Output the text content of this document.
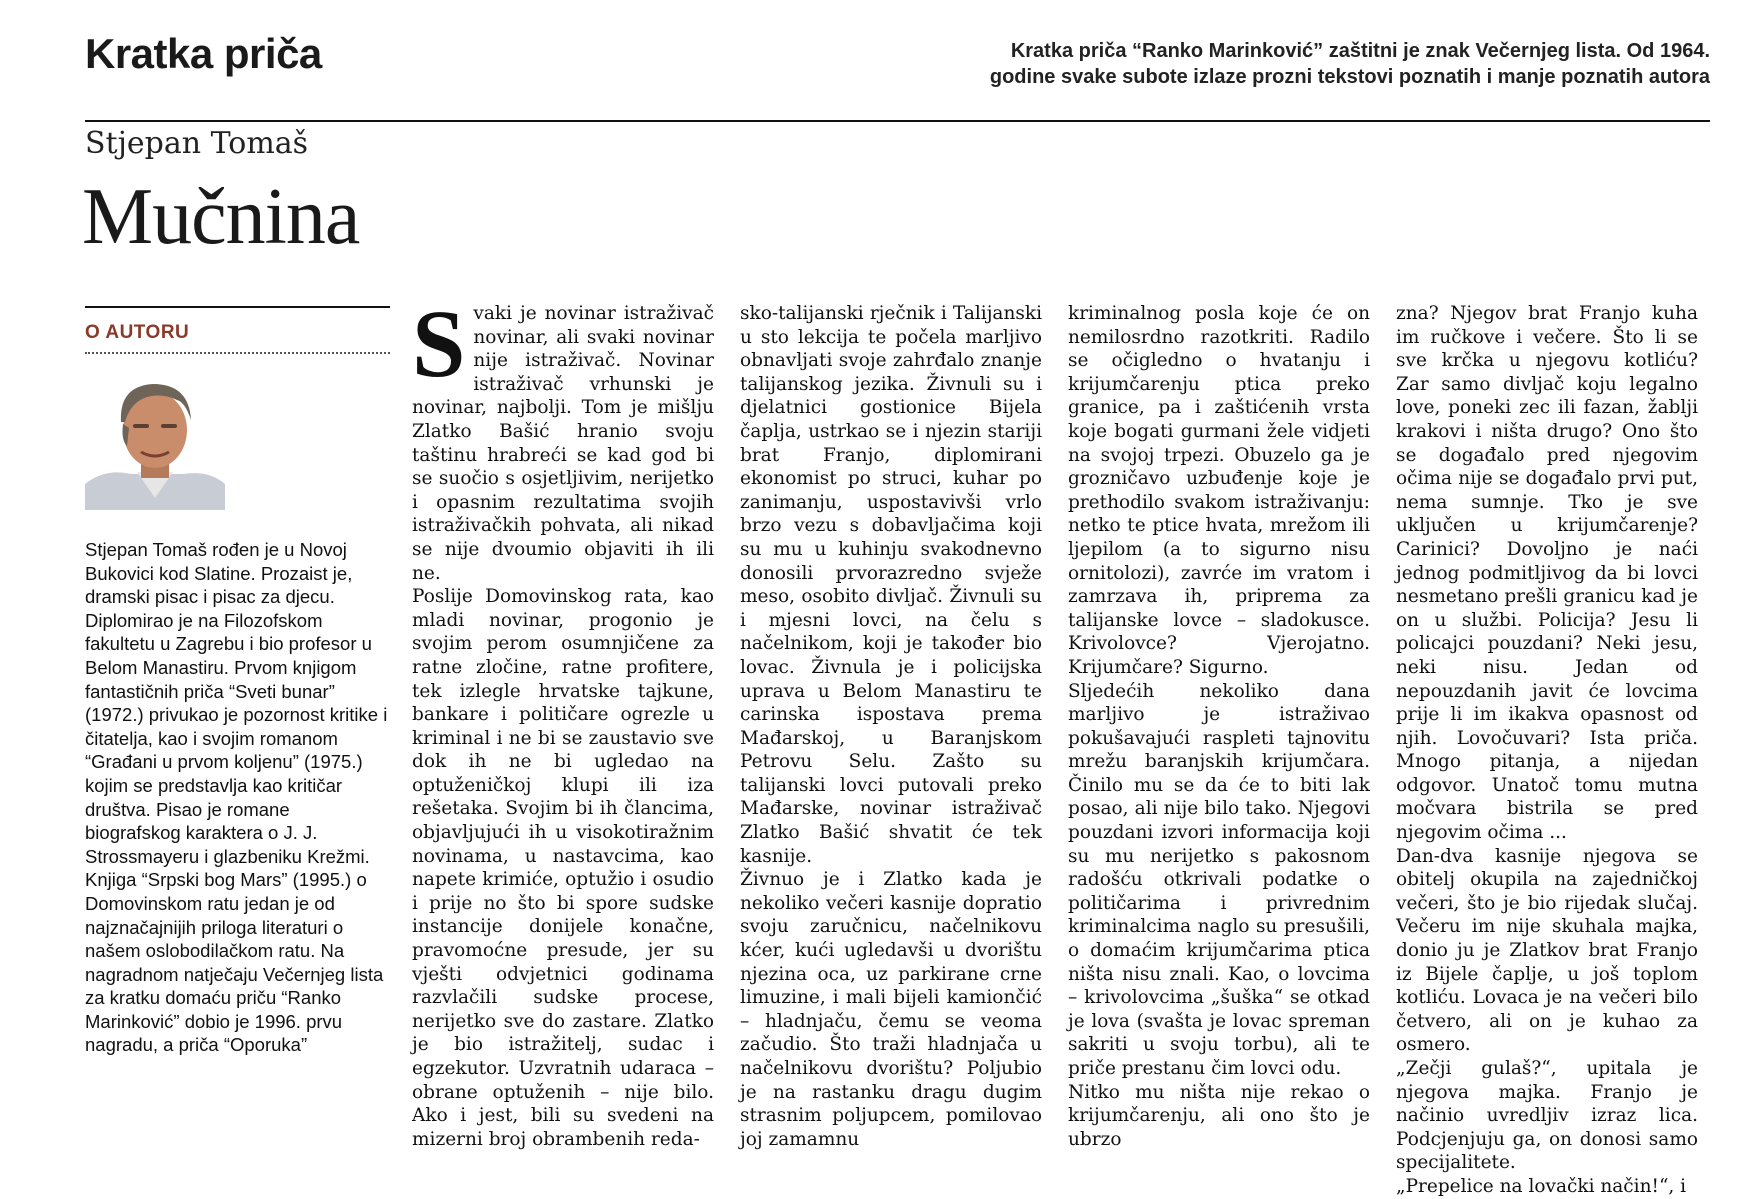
Kratka priča	Kratka priča “Ranko Marinković” zaštitni je znak Večernjeg lista. Od 1964.
godine svake subote izlaze prozni tekstovi poznatih i manje poznatih autora
Stjepan Tomaš
Mučnina
O AUTORU
Stjepan Tomaš rođen je u Novoj Bukovici kod Slatine. Prozaist je, dramski pisac i pisac za djecu. Diplomirao je na Filozofskom fakultetu u Zagrebu i bio profesor u Belom Manastiru. Prvom knjigom fantastičnih priča “Sveti bunar” (1972.) privukao je pozornost kritike i čitatelja, kao i svojim romanom “Građani u prvom koljenu” (1975.) kojim se predstavlja kao kritičar društva. Pisao je romane biografskog karaktera o J. J. Strossmayeru i glazbeniku Krežmi. Knjiga “Srpski bog Mars” (1995.) o Domovinskom ratu jedan je od najznačajnijih priloga literaturi o našem oslobodilačkom ratu. Na nagradnom natječaju Večernjeg lista za kratku domaću priču “Ranko Marinković” dobio je 1996. prvu nagradu, a priča “Oporuka”
S vaki je novinar istraživač novinar, ali svaki novinar nije istraživač. Novinar istraživač vrhunski je novinar, najbolji. Tom je mišlju Zlatko Bašić hranio svoju taštinu hrabreći se kad god bi se suočio s osjetljivim, nerijetko i opasnim rezultatima svojih istraživačkih pohvata, ali nikad se nije dvoumio objaviti ih ili ne.

Poslije Domovinskog rata, kao mladi novinar, progonio je svojim perom osumnjičene za ratne zločine, ratne profitere, tek izlegle hrvatske tajkune, bankare i političare ogrezle u kriminal i ne bi se zaustavio sve dok ih ne bi ugledao na optuženičkoj klupi ili iza rešetaka. Svojim bi ih člancima, objavljujući ih u visokotiražnim novinama, u nastavcima, kao napete krimiće, optužio i osudio i prije no što bi spore sudske instancije donijele konačne, pravomoćne presude, jer su vješti odvjetnici godinama razvlačili sudske procese, nerijetko sve do zastare. Zlatko je bio istražitelj, sudac i egzekutor. Uzvratnih udaraca – obrane optuženih – nije bilo. Ako i jest, bili su svedeni na mizerni broj obrambenih reda-

sko-talijanski rječnik i Talijanski u sto lekcija te počela marljivo obnavljati svoje zahrđalo znanje talijanskog jezika. Živnuli su i djelatnici gostionice Bijela čaplja, ustrkao se i njezin stariji brat Franjo, diplomirani ekonomist po struci, kuhar po zanimanju, uspostavivši vrlo brzo vezu s dobavljačima koji su mu u kuhinju svakodnevno donosili prvorazredno svježe meso, osobito divljač. Živnuli su i mjesni lovci, na čelu s načelnikom, koji je također bio lovac. Živnula je i policijska uprava u Belom Manastiru te carinska ispostava prema Mađarskoj, u Baranjskom Petrovu Selu. Zašto su talijanski lovci putovali preko Mađarske, novinar istraživač Zlatko Bašić shvatit će tek kasnije.

Živnuo je i Zlatko kada je nekoliko večeri kasnije dopratio svoju zaručnicu, načelnikovu kćer, kući ugledavši u dvorištu njezina oca, uz parkirane crne limuzine, i mali bijeli kamiončić – hladnjaču, čemu se veoma začudio. Što traži hladnjača u načelnikovu dvorištu? Poljubio je na rastanku dragu dugim strasnim poljupcem, pomilovao joj zamamnu

kriminalnog posla koje će on nemilosrdno razotkriti. Radilo se očigledno o hvatanju i krijumčarenju ptica preko granice, pa i zaštićenih vrsta koje bogati gurmani žele vidjeti na svojoj trpezi. Obuzelo ga je grozničavo uzbuđenje koje je prethodilo svakom istraživanju: netko te ptice hvata, mrežom ili ljepilom (a to sigurno nisu ornitolozi), zavrće im vratom i zamrzava ih, priprema za talijanske lovce – sladokusce. Krivolovce? Vjerojatno. Krijumčare? Sigurno.

Sljedećih nekoliko dana marljivo je istraživao pokušavajući raspleti tajnovitu mrežu baranjskih krijumčara. Činilo mu se da će to biti lak posao, ali nije bilo tako. Njegovi pouzdani izvori informacija koji su mu nerijetko s pakosnom radošću otkrivali podatke o političarima i privrednim kriminalcima naglo su presušili, o domaćim krijumčarima ptica ništa nisu znali. Kao, o lovcima – krivolovcima „šuška“ se otkad je lova (svašta je lovac spreman sakriti u svoju torbu), ali te priče prestanu čim lovci odu.

Nitko mu ništa nije rekao o krijumčarenju, ali ono što je ubrzo

zna? Njegov brat Franjo kuha im ručkove i večere. Što li se sve krčka u njegovu kotliću? Zar samo divljač koju legalno love, poneki zec ili fazan, žablji krakovi i ništa drugo? Ono što se događalo pred njegovim očima nije se događalo prvi put, nema sumnje. Tko je sve uključen u krijumčarenje? Carinici? Dovoljno je naći jednog podmitljivog da bi lovci nesmetano prešli granicu kad je on u službi. Policija? Jesu li policajci pouzdani? Neki jesu, neki nisu. Jedan od nepouzdanih javit će lovcima prije li im ikakva opasnost od njih. Lovočuvari? Ista priča. Mnogo pitanja, a nijedan odgovor. Unatoč tomu mutna močvara bistrila se pred njegovim očima ...

Dan-dva kasnije njegova se obitelj okupila na zajedničkoj večeri, što je bio rijedak slučaj. Večeru im nije skuhala majka, donio ju je Zlatkov brat Franjo iz Bijele čaplje, u još toplom kotliću. Lovaca je na večeri bilo četvero, ali on je kuhao za osmero.

„Zečji gulaš?“, upitala je njegova majka. Franjo je načinio uvredljiv izraz lica. Podcjenjuju ga, on donosi samo specijalitete.

„Prepelice na lovački način!“, i
